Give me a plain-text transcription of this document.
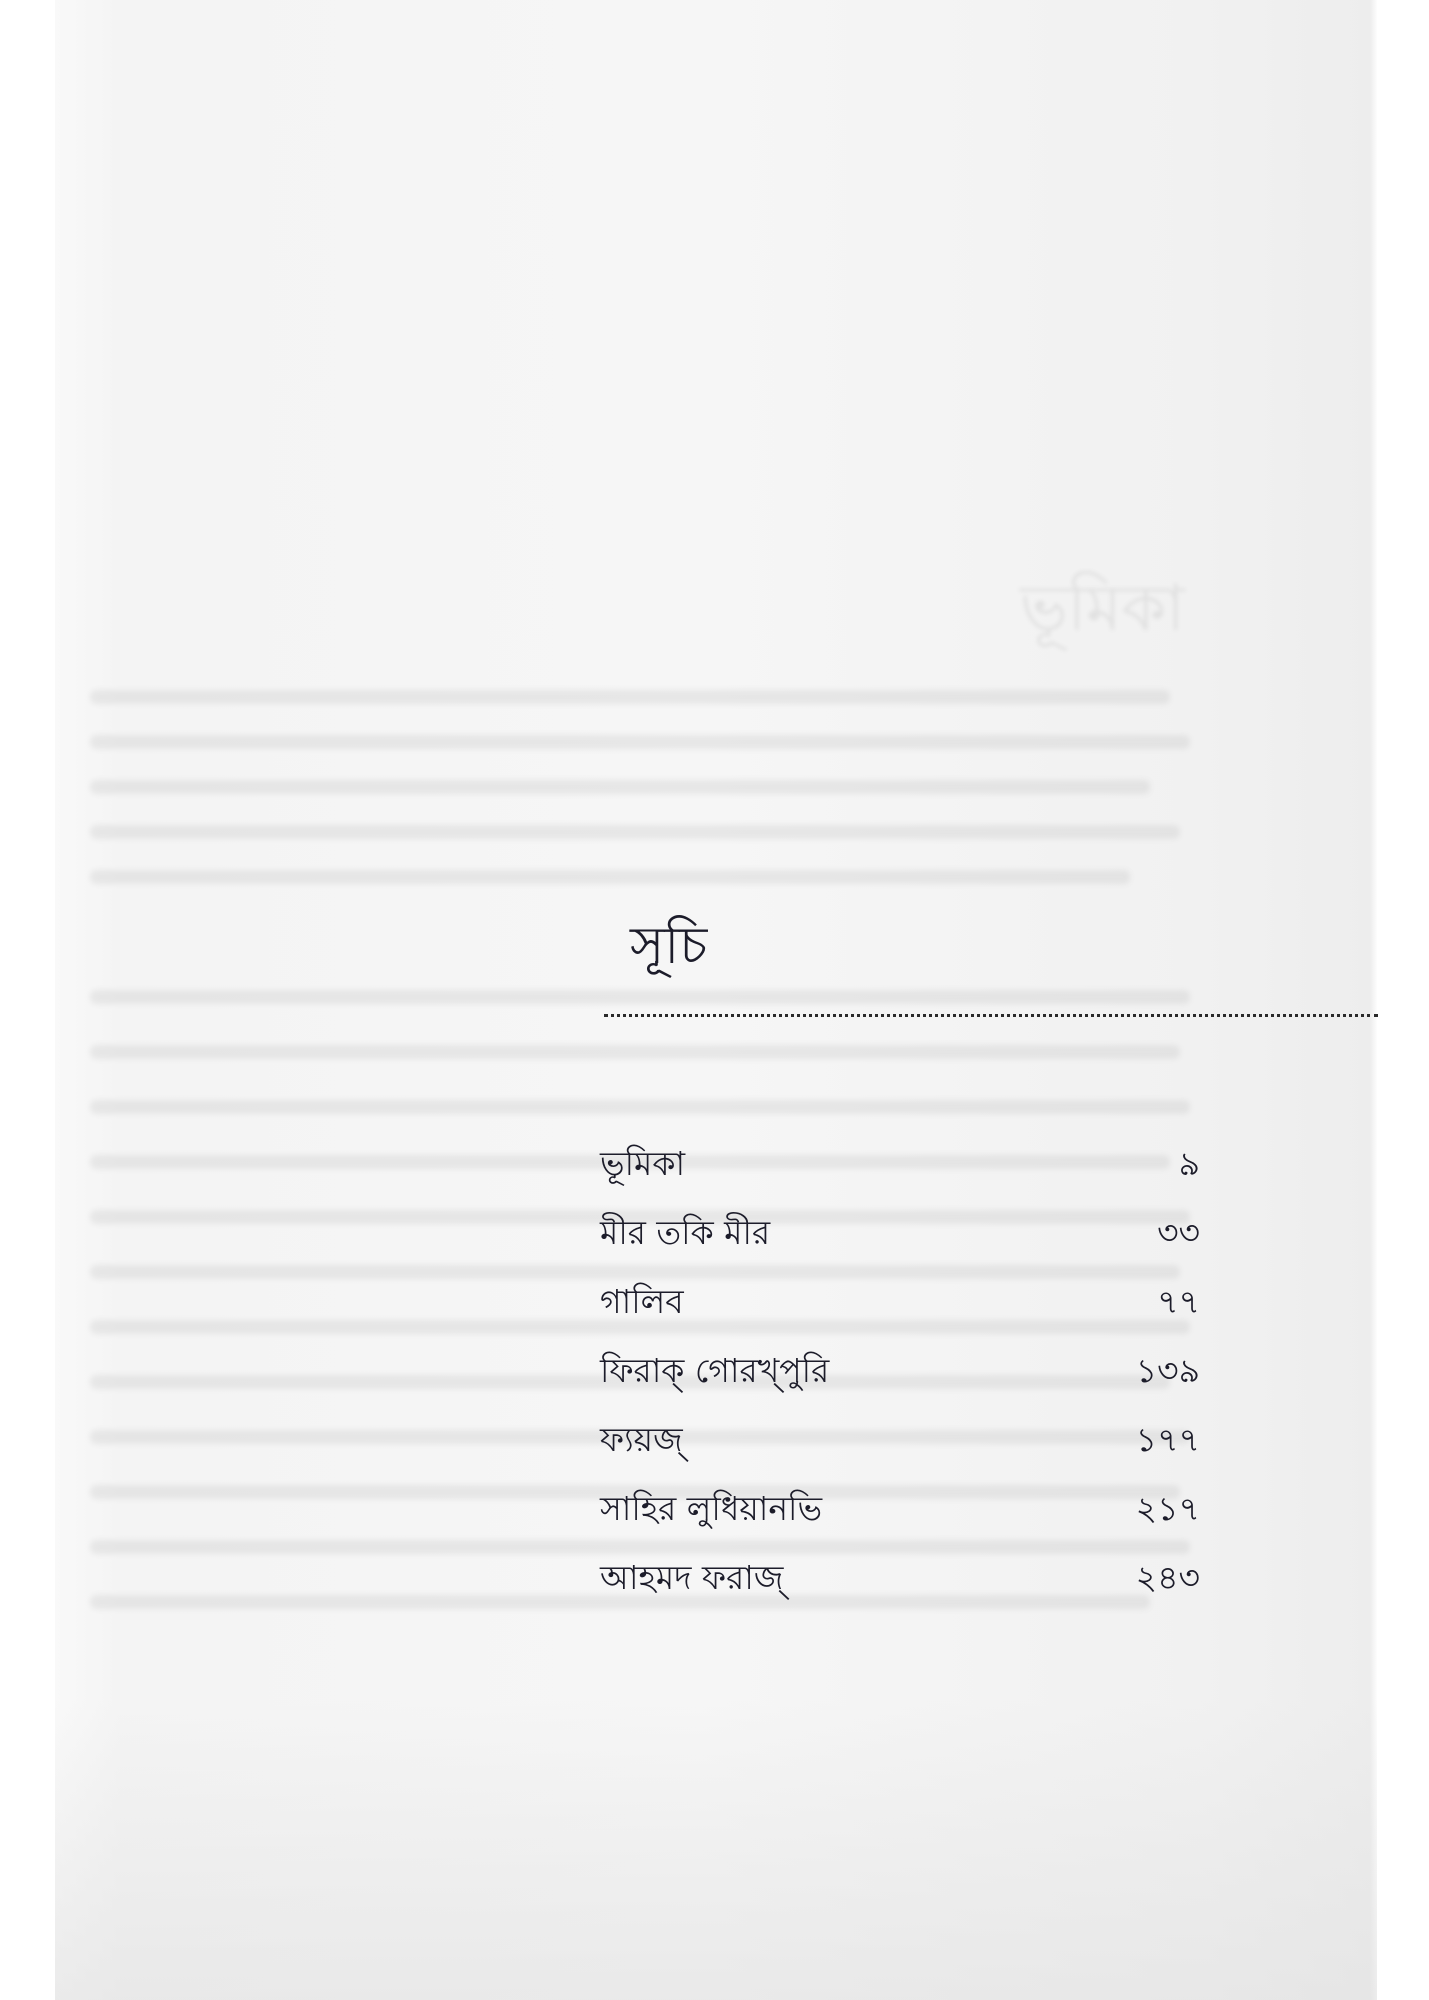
ভূমিকা
সূচি
ভূমিকা	৯
মীর তকি মীর	৩৩
গালিব	৭৭
ফিরাক্ গোরখ্পুরি	১৩৯
ফ্যয়জ্	১৭৭
সাহির লুধিয়ানভি	২১৭
আহমদ ফরাজ্	২৪৩
